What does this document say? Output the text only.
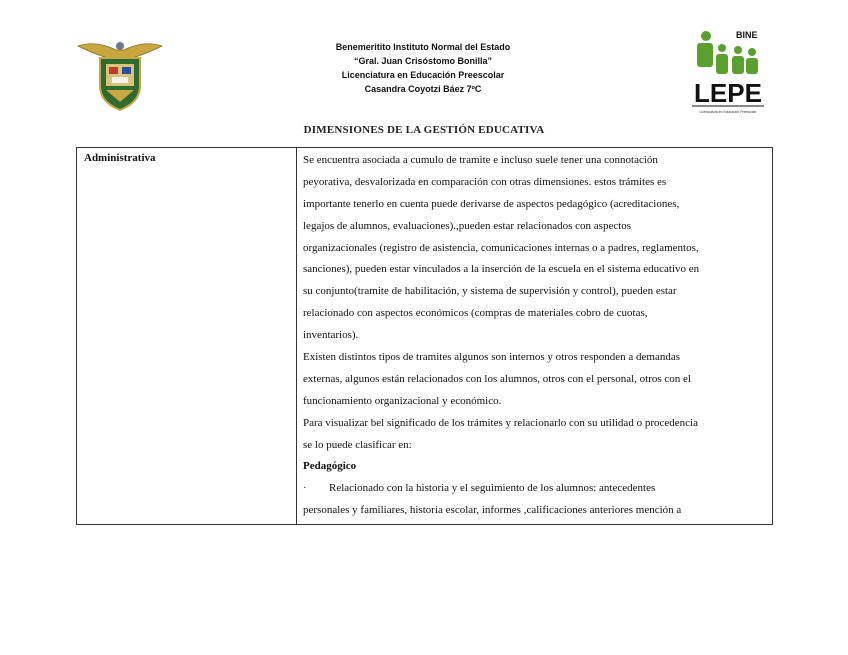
Benemeritito Instituto Normal del Estado
“Gral. Juan Crisóstomo Bonilla”
Licenciatura en Educación Preescolar
Casandra Coyotzi Báez 7ºC
BINE
LEPE
Licenciatura en Educación Preescolar
DIMENSIONES DE LA GESTIÓN EDUCATIVA
Administrativa	Se encuentra asociada a cumulo de tramite e incluso suele tener una connotación
peyorativa, desvalorizada en comparación con otras dimensiones. estos trámites es
importante tenerlo en cuenta puede derivarse de aspectos pedagógico (acreditaciones,
legajos de alumnos, evaluaciones).,pueden estar relacionados con aspectos
organizacionales (registro de asistencia, comunicaciones internas o a padres, reglamentos,
sanciones), pueden estar vinculados a la inserción de la escuela en el sistema educativo en
su conjunto(tramite de habilitación, y sistema de supervisión y control), pueden estar
relacionado con aspectos económicos (compras de materiales cobro de cuotas,
inventarios).
Existen distintos tipos de tramites algunos son internos y otros responden a demandas
externas, algunos están relacionados con los alumnos, otros con el personal, otros con el
funcionamiento organizacional y económico.
Para visualizar bel significado de los trámites y relacionarlo con su utilidad o procedencia
se lo puede clasificar en:
Pedagógico
· Relacionado con la historia y el seguimiento de los alumnos: antecedentes
personales y familiares, historia escolar, informes ,calificaciones anteriores mención a
